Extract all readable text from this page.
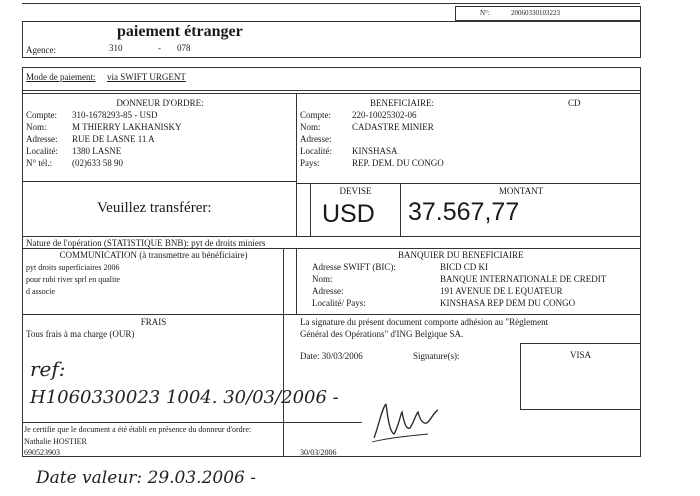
N°:	20060330103223
paiement étranger
Agence:	310	- 078
Mode de paiement: via SWIFT URGENT
DONNEUR D'ORDRE:
Compte: 310-1678293-85 - USD
Nom:	M THIERRY LAKHANISKY
Adresse: RUE DE LASNE 11 A
Localité: 1380 LASNE
N° tél.: (02)633 58 90
BENEFICIAIRE:	CD
Compte: 220-10025302-06
Nom:	CADASTRE MINIER
Adresse:
Localité: KINSHASA
Pays:	REP. DEM. DU CONGO
Veuillez transférer:
DEVISE
USD
MONTANT
37.567,77
Nature de l'opération (STATISTIQUE BNB): pyt de droits miniers
COMMUNICATION (à transmettre au bénéficiaire)
pyt droits superficiaires 2006
pour rubi river sprl en qualite
d associe
BANQUIER DU BENEFICIAIRE
Adresse SWIFT (BIC):	BICD CD KI
Nom:	BANQUE INTERNATIONALE DE CREDIT
Adresse:	191 AVENUE DE L EQUATEUR
Localité/ Pays:	KINSHASA REP DEM DU CONGO
FRAIS
Tous frais à ma charge (OUR)
La signature du présent document comporte adhésion au "Règlement
Général des Opérations" d'ING Belgique SA.
Date: 30/03/2006	Signature(s):	VISA
ref:
H1060330023 1004. 30/03/2006 -
Je certifie que le document a été établi en présence du donneur d'ordre:
Nathalie HOSTIER
690523903	30/03/2006
Date valeur: 29.03.2006 -
